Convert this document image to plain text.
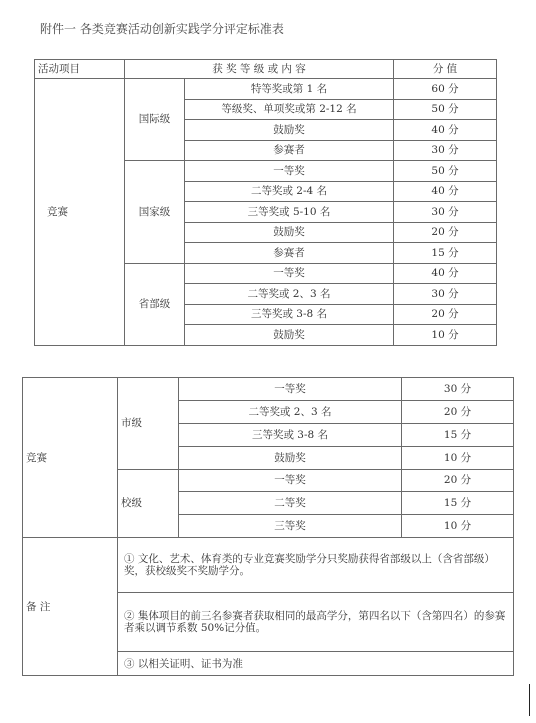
附件一 各类竞赛活动创新实践学分评定标准表
活动项目	获 奖 等 级 或 内 容		分 值
竞赛	国际级	特等奖或第 1 名	60 分
		等级奖、单项奖或第 2-12 名	50 分
		鼓励奖	40 分
		参赛者	30 分
	国家级	一等奖	50 分
		二等奖或 2-4 名	40 分
		三等奖或 5-10 名	30 分
		鼓励奖	20 分
		参赛者	15 分
	省部级	一等奖	40 分
		二等奖或 2、3 名	30 分
		三等奖或 3-8 名	20 分
		鼓励奖	10 分
竞赛	市级	一等奖	30 分
		二等奖或 2、3 名	20 分
		三等奖或 3-8 名	15 分
		鼓励奖	10 分
	校级	一等奖	20 分
		二等奖	15 分
		三等奖	10 分
备 注	① 文化、艺术、体育类的专业竞赛奖励学分只奖励获得省部级以上（含省部级）奖，获校级奖不奖励学分。		
	② 集体项目的前三名参赛者获取相同的最高学分，第四名以下（含第四名）的参赛者乘以调节系数 50%记分值。		
	③ 以相关证明、证书为准		
